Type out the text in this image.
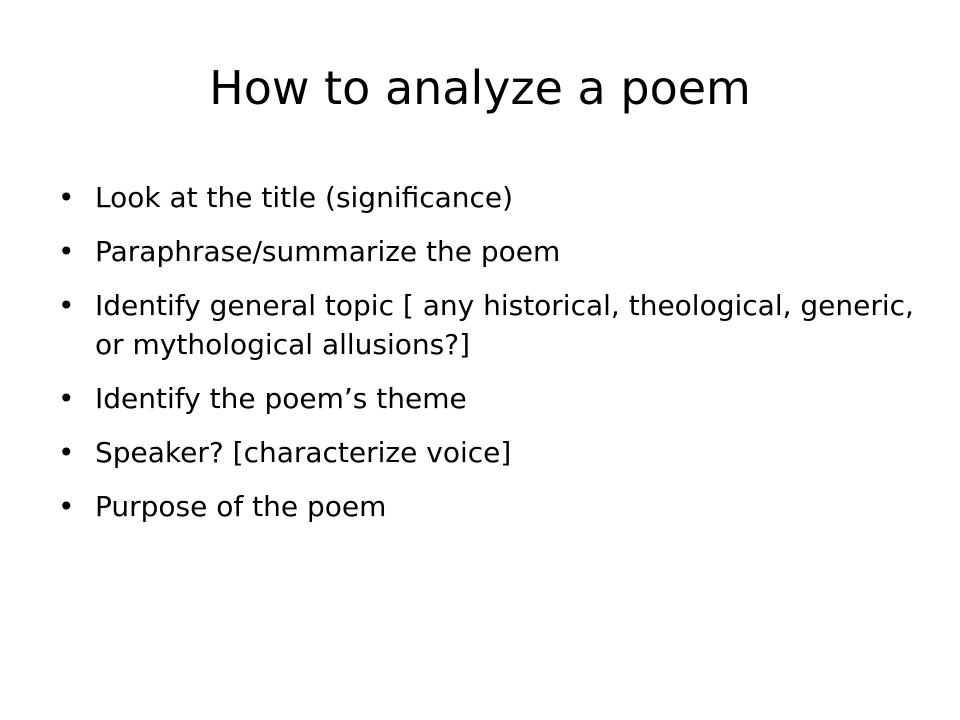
How to analyze a poem
• Look at the title (significance)
• Paraphrase/summarize the poem
• Identify general topic [ any historical, theological, generic, or mythological allusions?]
• Identify the poem’s theme
• Speaker? [characterize voice]
• Purpose of the poem
